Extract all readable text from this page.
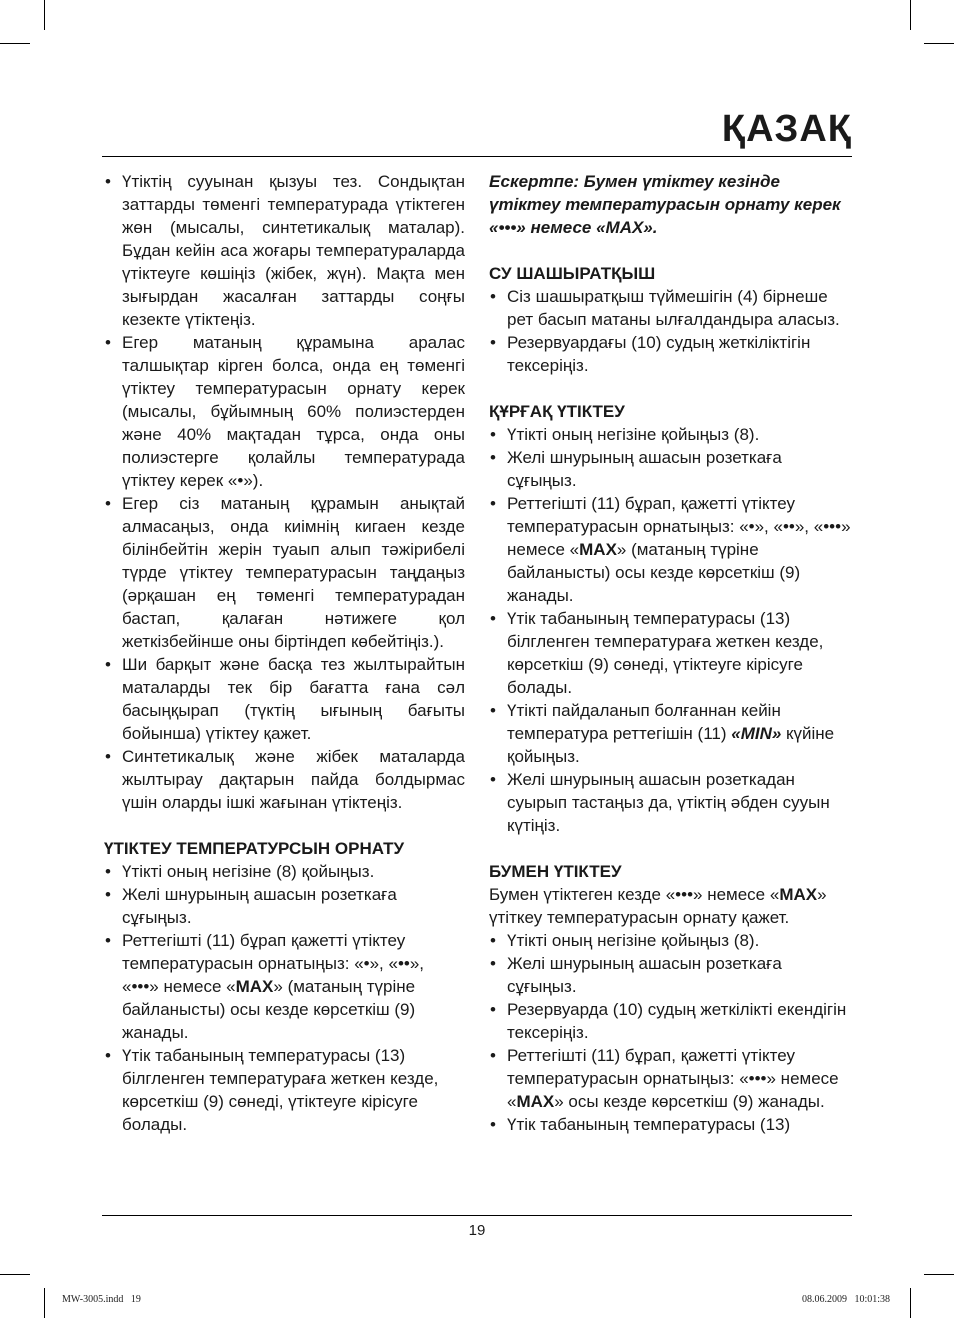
ҚАЗАҚ
• Үтіктің сууынан қызуы тез. Сондықтан заттарды төменгі температурада үтіктеген жөн (мысалы, синтетикалық маталар). Бұдан кейін аса жоғары температураларда үтіктеуге көшіңіз (жібек, жүн). Мақта мен зығырдан жасалған заттарды соңғы кезекте үтіктеңіз.
• Егер матаның құрамына аралас талшықтар кірген болса, онда ең төменгі үтіктеу температурасын орнату керек (мысалы, бұйымның 60% полиэстерден және 40% мақтадан тұрса, онда оны полиэстерге қолайлы температурада үтіктеу керек «•»).
• Егер сіз матаның құрамын анықтай алмасаңыз, онда киімнің кигаен кезде білінбейтін жерін туаып алып тәжірибелі түрде үтіктеу температурасын таңдаңыз (әрқашан ең төменгі температурадан бастап, қалаған нәтижеге қол жеткізбейінше оны біртіндеп көбейтіңіз.).
• Ши барқыт және басқа тез жылтырайтын маталарды тек бір бағатта ғана сәл басыңқырап (түктің ығының бағыты бойынша) үтіктеу қажет.
• Синтетикалық және жібек маталарда жылтырау дақтарын пайда болдырмас үшін оларды ішкі жағынан үтіктеңіз.

ҮТІКТЕУ ТЕМПЕРАТУРСЫН ОРНАТУ

• Үтікті оның негізіне (8) қойыңыз.
• Желі шнурының ашасын розеткаға сұғыңыз.
• Реттегішті (11) бұрап қажетті үтіктеу температурасын орнатыңыз: «•», «••», «•••» немесе «MAX» (матаның түріне байланысты) осы кезде көрсеткіш (9) жанады.
• Үтік табанының температурасы (13) білгленген температураға жеткен кезде, көрсеткіш (9) сөнеді, үтіктеуге кірісуге болады.

Ескертпе: Бумен үтіктеу кезінде үтіктеу температурасын орнату керек «•••» немесе «MAX».

СУ ШАШЫРАТҚЫШ

• Сіз шашыратқыш түймешігін (4) бірнеше рет басып матаны ылғалдандыра аласыз.
• Резервуардағы (10) судың жеткіліктігін тексеріңіз.

ҚҰРҒАҚ ҮТІКТЕУ

• Үтікті оның негізіне қойыңыз (8).
• Желі шнурының ашасын розеткаға сұғыңыз.
• Реттегішті (11) бұрап, қажетті үтіктеу температурасын орнатыңыз: «•», «••», «•••» немесе «MAX» (матаның түріне байланысты) осы кезде көрсеткіш (9) жанады.
• Үтік табанының температурасы (13) білгленген температураға жеткен кезде, көрсеткіш (9) сөнеді, үтіктеуге кірісуге болады.
• Үтікті пайдаланып болғаннан кейін температура реттегішін (11) «MIN» күйіне қойыңыз.
• Желі шнурының ашасын розеткадан суырып тастаңыз да, үтіктің әбден сууын күтіңіз.

БУМЕН ҮТІКТЕУ

Бумен үтіктеген кезде «•••» немесе «MAX» үтіткеу температурасын орнату қажет.

• Үтікті оның негізіне қойыңыз (8).
• Желі шнурының ашасын розеткаға сұғыңыз.
• Резервуарда (10) судың жеткілікті екендігін тексеріңіз.
• Реттегішті (11) бұрап, қажетті үтіктеу температурасын орнатыңыз: «•••» немесе «MAX» осы кезде көрсеткіш (9) жанады.
• Үтік табанының температурасы (13)
19
MW-3005.indd   19	08.06.2009   10:01:38
